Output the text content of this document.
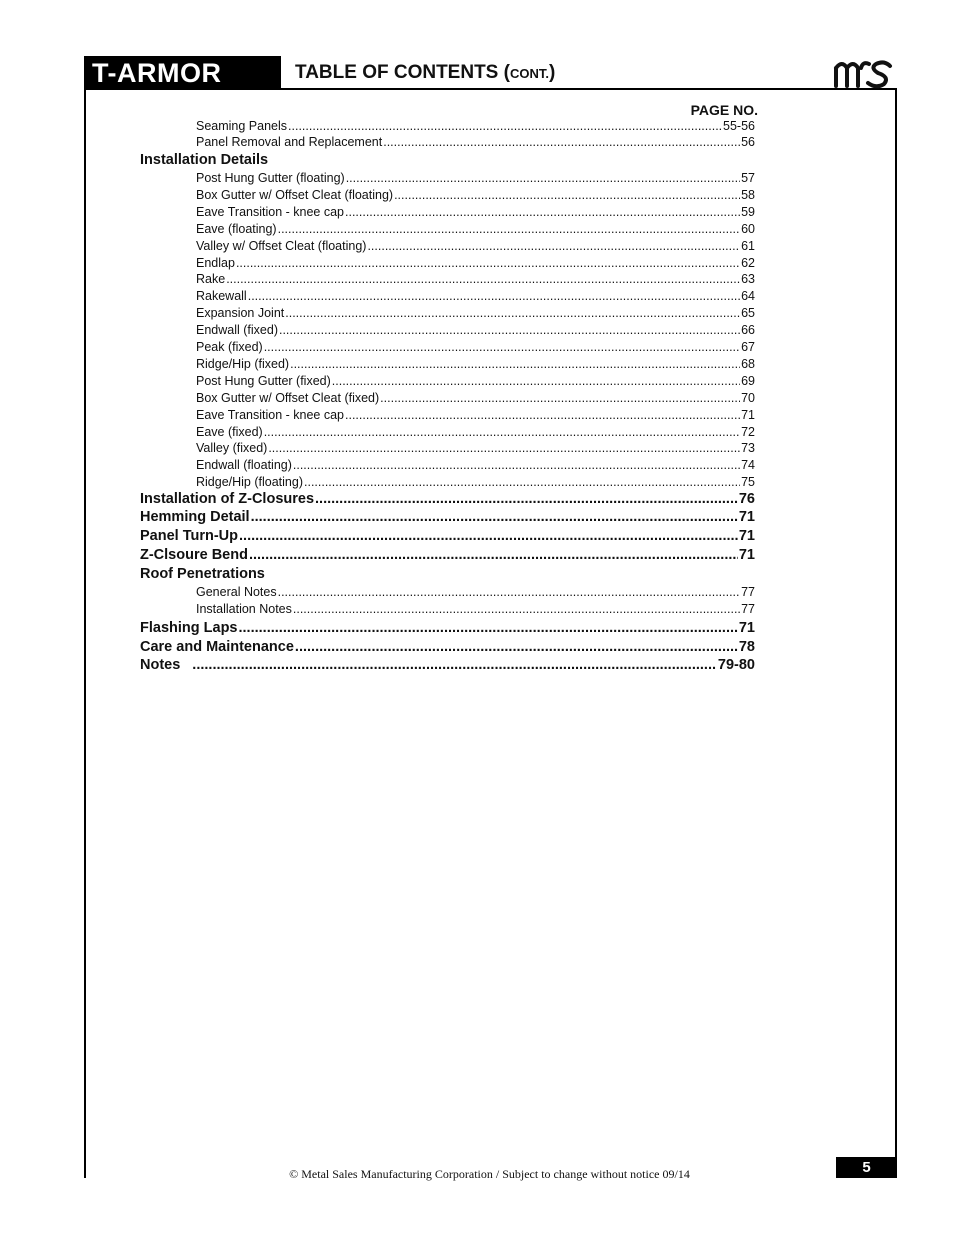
T-ARMOR	TABLE OF CONTENTS (CONT.)
PAGE NO.
Seaming Panels .....	55-56
Panel Removal and Replacement .....	56
Installation Details
Post Hung Gutter (floating) .....	57
Box Gutter w/ Offset Cleat (floating) .....	58
Eave Transition - knee cap .....	59
Eave (floating) .....	60
Valley w/ Offset Cleat (floating) .....	61
Endlap .....	62
Rake .....	63
Rakewall .....	64
Expansion Joint .....	65
Endwall (fixed) .....	66
Peak (fixed) .....	67
Ridge/Hip (fixed) .....	68
Post Hung Gutter (fixed) .....	69
Box Gutter w/ Offset Cleat (fixed) .....	70
Eave Transition - knee cap .....	71
Eave (fixed) .....	72
Valley (fixed) .....	73
Endwall (floating) .....	74
Ridge/Hip (floating) .....	75
Installation of Z-Closures .....	76
Hemming Detail .....	71
Panel Turn-Up .....	71
Z-Clsoure Bend .....	71
Roof Penetrations
General Notes .....	77
Installation Notes .....	77
Flashing Laps .....	71
Care and Maintenance .....	78
Notes .....	79-80
© Metal Sales Manufacturing Corporation / Subject to change without notice 09/14	5
